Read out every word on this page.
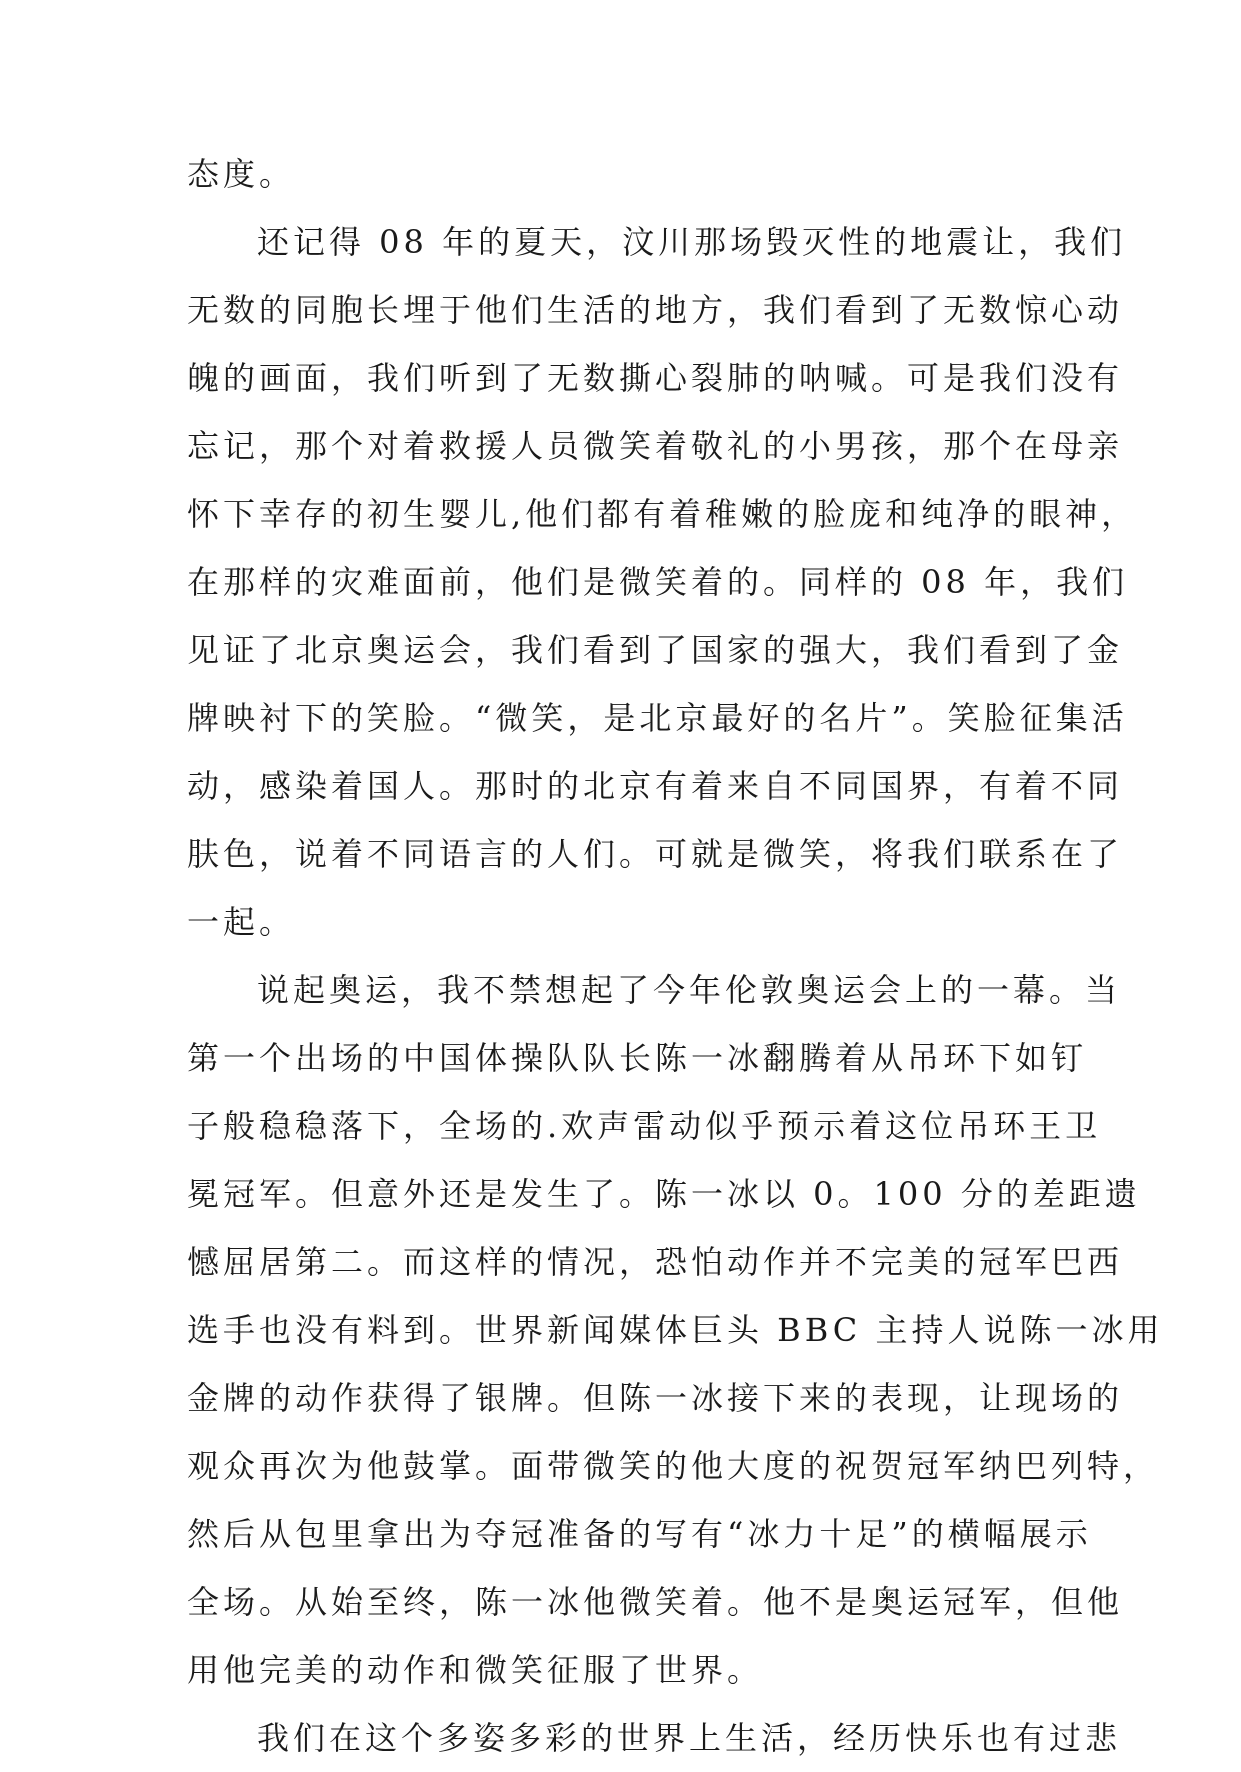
态度。
还记得 08 年的夏天，汶川那场毁灭性的地震让，我们
无数的同胞长埋于他们生活的地方，我们看到了无数惊心动
魄的画面，我们听到了无数撕心裂肺的呐喊。可是我们没有
忘记，那个对着救援人员微笑着敬礼的小男孩，那个在母亲
怀下幸存的初生婴儿,他们都有着稚嫩的脸庞和纯净的眼神，
在那样的灾难面前，他们是微笑着的。同样的 08 年，我们
见证了北京奥运会，我们看到了国家的强大，我们看到了金
牌映衬下的笑脸。“微笑，是北京最好的名片”。笑脸征集活
动，感染着国人。那时的北京有着来自不同国界，有着不同
肤色，说着不同语言的人们。可就是微笑，将我们联系在了
一起。
说起奥运，我不禁想起了今年伦敦奥运会上的一幕。当
第一个出场的中国体操队队长陈一冰翻腾着从吊环下如钉
子般稳稳落下，全场的.欢声雷动似乎预示着这位吊环王卫
冕冠军。但意外还是发生了。陈一冰以 0。100 分的差距遗
憾屈居第二。而这样的情况，恐怕动作并不完美的冠军巴西
选手也没有料到。世界新闻媒体巨头 BBC 主持人说陈一冰用
金牌的动作获得了银牌。但陈一冰接下来的表现，让现场的
观众再次为他鼓掌。面带微笑的他大度的祝贺冠军纳巴列特，
然后从包里拿出为夺冠准备的写有“冰力十足”的横幅展示
全场。从始至终，陈一冰他微笑着。他不是奥运冠军，但他
用他完美的动作和微笑征服了世界。
我们在这个多姿多彩的世界上生活，经历快乐也有过悲
